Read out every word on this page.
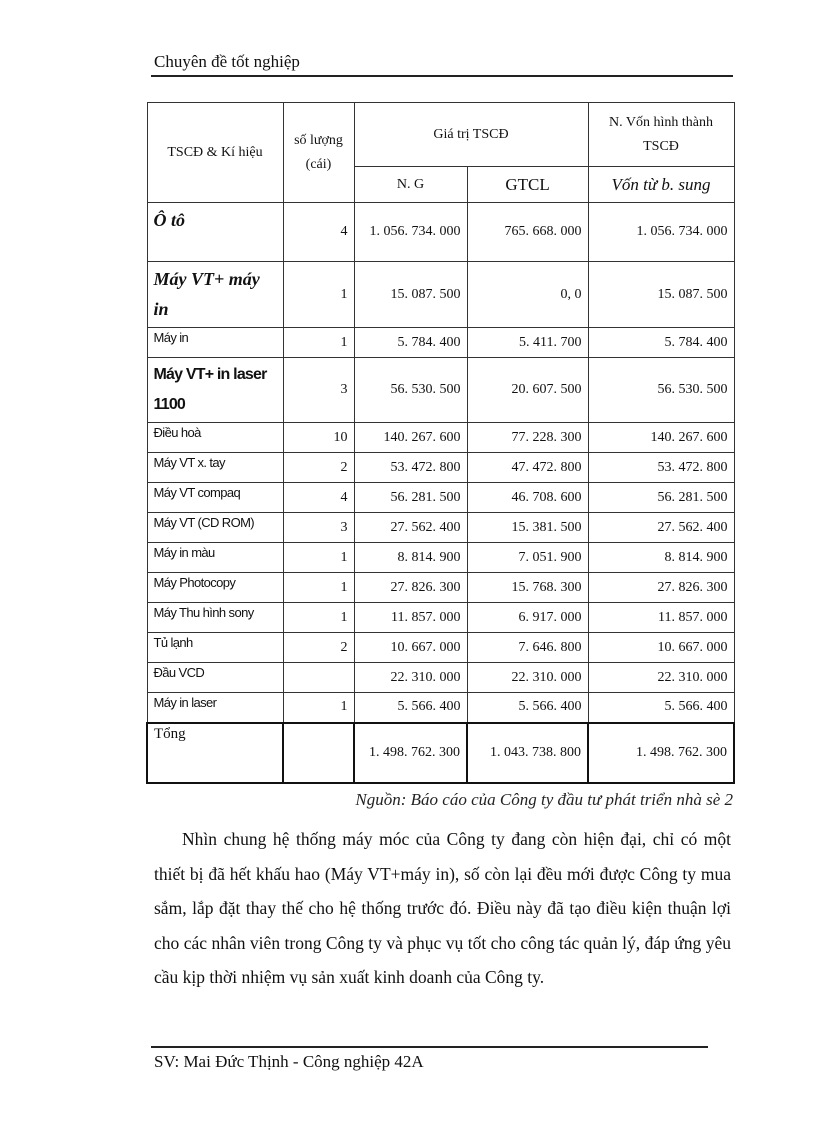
Chuyên đề tốt nghiệp
TSCĐ & Kí hiệu	số lượng (cái)	Giá trị TSCĐ		N. Vốn hình thành TSCĐ
		N. G	GTCL	Vốn từ b. sung
Ô tô	4	1. 056. 734. 000	765. 668. 000	1. 056. 734. 000
Máy VT+ máy in	1	15. 087. 500	0, 0	15. 087. 500
Máy in	1	5. 784. 400	5. 411. 700	5. 784. 400
Máy VT+ in laser 1100	3	56. 530. 500	20. 607. 500	56. 530. 500
Điều hoà	10	140. 267. 600	77. 228. 300	140. 267. 600
Máy VT x. tay	2	53. 472. 800	47. 472. 800	53. 472. 800
Máy VT compaq	4	56. 281. 500	46. 708. 600	56. 281. 500
Máy VT (CD ROM)	3	27. 562. 400	15. 381. 500	27. 562. 400
Máy in màu	1	8. 814. 900	7. 051. 900	8. 814. 900
Máy Photocopy	1	27. 826. 300	15. 768. 300	27. 826. 300
Máy Thu hình sony	1	11. 857. 000	6. 917. 000	11. 857. 000
Tủ lạnh	2	10. 667. 000	7. 646. 800	10. 667. 000
Đầu VCD		22. 310. 000	22. 310. 000	22. 310. 000
Máy in laser	1	5. 566. 400	5. 566. 400	5. 566. 400
Tổng		1. 498. 762. 300	1. 043. 738. 800	1. 498. 762. 300
Nguồn: Báo cáo của Công ty đầu tư phát triển nhà sè 2

Nhìn chung hệ thống máy móc của Công ty đang còn hiện đại, chỉ có một thiết bị đã hết khấu hao (Máy VT+máy in), số còn lại đều mới được Công ty mua sắm, lắp đặt thay thế cho hệ thống trước đó. Điều này đã tạo điều kiện thuận lợi cho các nhân viên trong Công ty và phục vụ tốt cho công tác quản lý, đáp ứng yêu cầu kịp thời nhiệm vụ sản xuất kinh doanh của Công ty.

SV: Mai Đức Thịnh - Công nghiệp 42A
